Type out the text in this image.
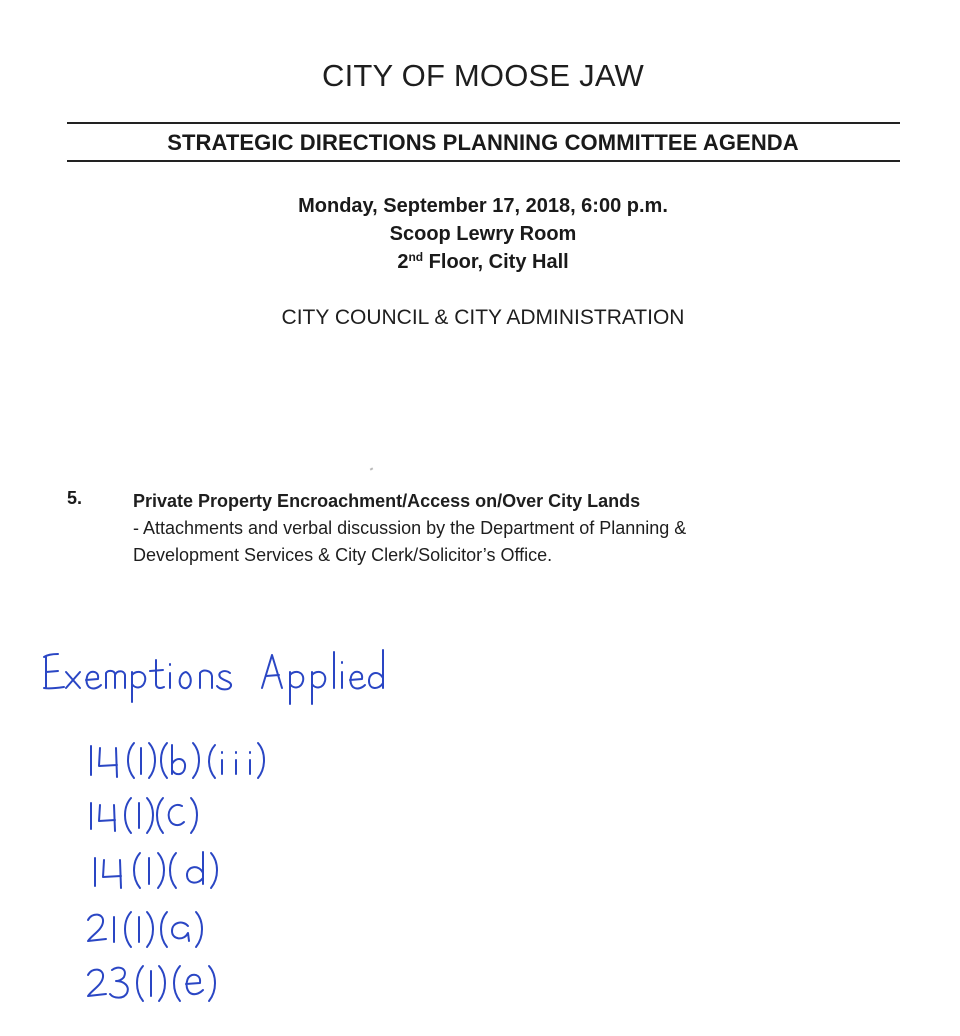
CITY OF MOOSE JAW
STRATEGIC DIRECTIONS PLANNING COMMITTEE AGENDA
Monday, September 17, 2018, 6:00 p.m.
Scoop Lewry Room
2nd Floor, City Hall
CITY COUNCIL & CITY ADMINISTRATION
5.	Private Property Encroachment/Access on/Over City Lands
- Attachments and verbal discussion by the Department of Planning &
Development Services & City Clerk/Solicitor’s Office.
